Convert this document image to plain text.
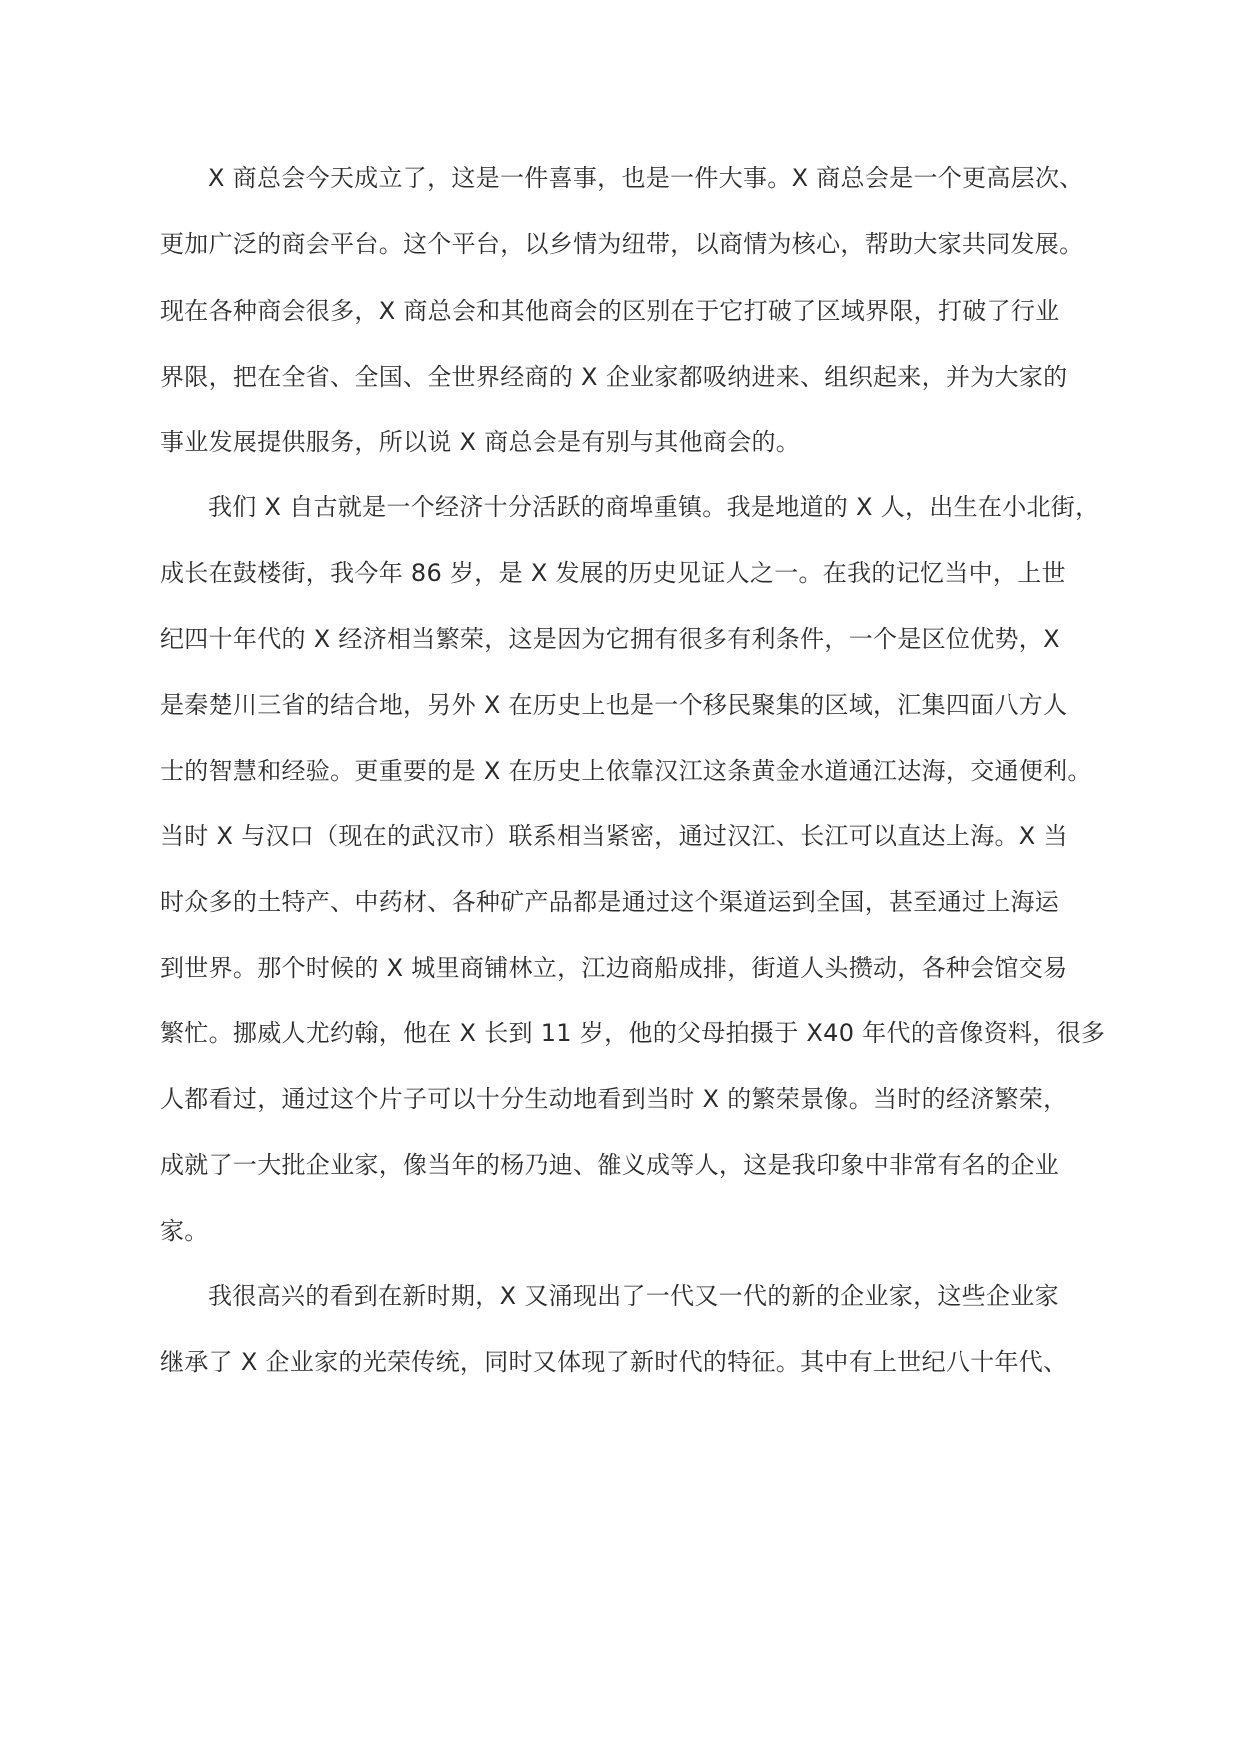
X 商总会今天成立了，这是一件喜事，也是一件大事。X 商总会是一个更高层次、

更加广泛的商会平台。这个平台，以乡情为纽带，以商情为核心，帮助大家共同发展。

现在各种商会很多，X 商总会和其他商会的区别在于它打破了区域界限，打破了行业

界限，把在全省、全国、全世界经商的 X 企业家都吸纳进来、组织起来，并为大家的

事业发展提供服务，所以说 X 商总会是有别与其他商会的。

我们 X 自古就是一个经济十分活跃的商埠重镇。我是地道的 X 人，出生在小北街，

成长在鼓楼街，我今年 86 岁，是 X 发展的历史见证人之一。在我的记忆当中，上世

纪四十年代的 X 经济相当繁荣，这是因为它拥有很多有利条件，一个是区位优势，X

是秦楚川三省的结合地，另外 X 在历史上也是一个移民聚集的区域，汇集四面八方人

士的智慧和经验。更重要的是 X 在历史上依靠汉江这条黄金水道通江达海，交通便利。

当时 X 与汉口（现在的武汉市）联系相当紧密，通过汉江、长江可以直达上海。X 当

时众多的土特产、中药材、各种矿产品都是通过这个渠道运到全国，甚至通过上海运

到世界。那个时候的 X 城里商铺林立，江边商船成排，街道人头攒动，各种会馆交易

繁忙。挪威人尤约翰，他在 X 长到 11 岁，他的父母拍摄于 X40 年代的音像资料，很多

人都看过，通过这个片子可以十分生动地看到当时 X 的繁荣景像。当时的经济繁荣，

成就了一大批企业家，像当年的杨乃迪、雒义成等人，这是我印象中非常有名的企业

家。

我很高兴的看到在新时期，X 又涌现出了一代又一代的新的企业家，这些企业家

继承了 X 企业家的光荣传统，同时又体现了新时代的特征。其中有上世纪八十年代、
